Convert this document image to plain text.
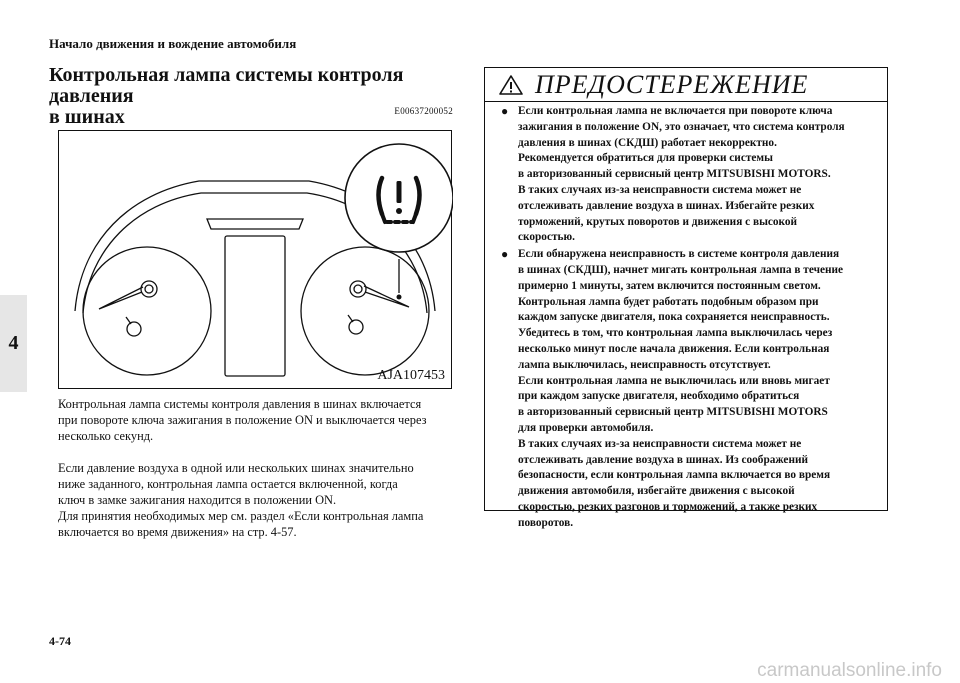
Начало движения и вождение автомобиля
4
Контрольная лампа системы контроля давления
в шинах	E00637200052
AJA107453
Контрольная лампа системы контроля давления в шинах включается
при повороте ключа зажигания в положение ON и выключается через
несколько секунд.
Если давление воздуха в одной или нескольких шинах значительно
ниже заданного, контрольная лампа остается включенной, когда
ключ в замке зажигания находится в положении ON.
Для принятия необходимых мер см. раздел «Если контрольная лампа
включается во время движения» на стр. 4-57.
ПРЕДОСТЕРЕЖЕНИЕ
● Если контрольная лампа не включается при повороте ключа
зажигания в положение ON, это означает, что система контроля
давления в шинах (СКДШ) работает некорректно.
Рекомендуется обратиться для проверки системы
в авторизованный сервисный центр MITSUBISHI MOTORS.
В таких случаях из-за неисправности система может не
отслеживать давление воздуха в шинах. Избегайте резких
торможений, крутых поворотов и движения с высокой
скоростью.
● Если обнаружена неисправность в системе контроля давления
в шинах (СКДШ), начнет мигать контрольная лампа в течение
примерно 1 минуты, затем включится постоянным светом.
Контрольная лампа будет работать подобным образом при
каждом запуске двигателя, пока сохраняется неисправность.
Убедитесь в том, что контрольная лампа выключилась через
несколько минут после начала движения. Если контрольная
лампа выключилась, неисправность отсутствует.
Если контрольная лампа не выключилась или вновь мигает
при каждом запуске двигателя, необходимо обратиться
в авторизованный сервисный центр MITSUBISHI MOTORS
для проверки автомобиля.
В таких случаях из-за неисправности система может не
отслеживать давление воздуха в шинах. Из соображений
безопасности, если контрольная лампа включается во время
движения автомобиля, избегайте движения с высокой
скоростью, резких разгонов и торможений, а также резких
поворотов.
4-74
carmanualsonline.info
